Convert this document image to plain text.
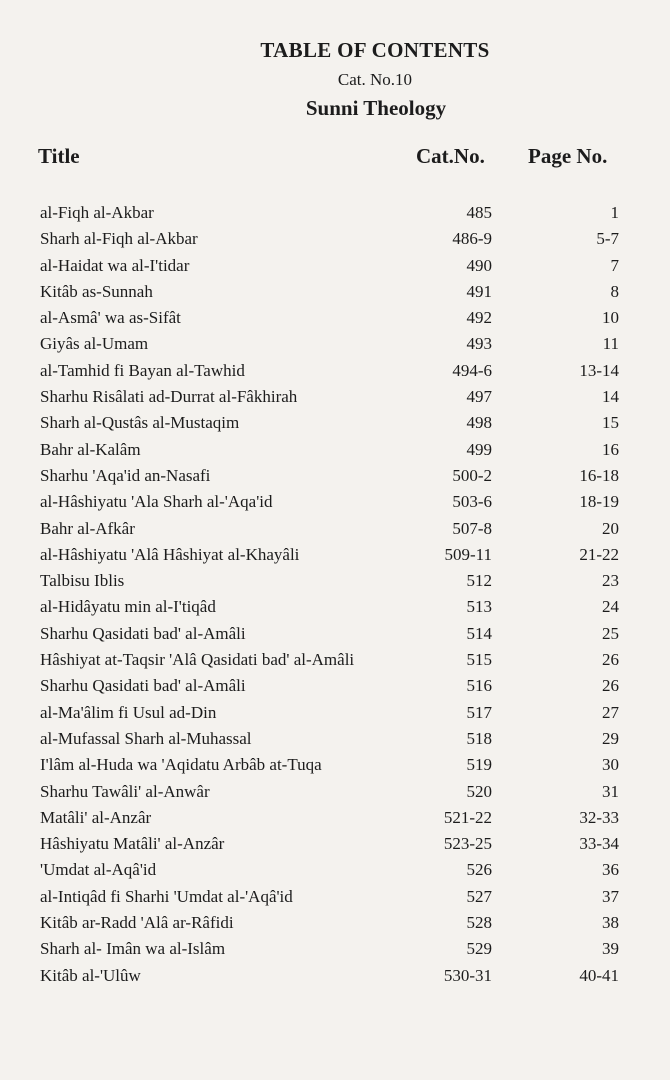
TABLE OF CONTENTS
Cat. No.10
Sunni Theology
Title	Cat.No. Page No.
al-Fiqh al-Akbar	485	1
Sharh al-Fiqh al-Akbar	486-9	5-7
al-Haidat wa al-I'tidar	490	7
Kitâb as-Sunnah	491	8
al-Asmâ' wa as-Sifât	492	10
Giyâs al-Umam	493	11
al-Tamhid fi Bayan al-Tawhid	494-6	13-14
Sharhu Risâlati ad-Durrat al-Fâkhirah	497	14
Sharh al-Qustâs al-Mustaqim	498	15
Bahr al-Kalâm	499	16
Sharhu 'Aqa'id an-Nasafi	500-2	16-18
al-Hâshiyatu 'Ala Sharh al-'Aqa'id	503-6	18-19
Bahr al-Afkâr	507-8	20
al-Hâshiyatu 'Alâ Hâshiyat al-Khayâli	509-11	21-22
Talbisu Iblis	512	23
al-Hidâyatu min al-I'tiqâd	513	24
Sharhu Qasidati bad' al-Amâli	514	25
Hâshiyat at-Taqsir 'Alâ Qasidati bad' al-Amâli	515	26
Sharhu Qasidati bad' al-Amâli	516	26
al-Ma'âlim fi Usul ad-Din	517	27
al-Mufassal Sharh al-Muhassal	518	29
I'lâm al-Huda wa 'Aqidatu Arbâb at-Tuqa	519	30
Sharhu Tawâli' al-Anwâr	520	31
Matâli' al-Anzâr	521-22	32-33
Hâshiyatu Matâli' al-Anzâr	523-25	33-34
'Umdat al-Aqâ'id	526	36
al-Intiqâd fi Sharhi 'Umdat al-'Aqâ'id	527	37
Kitâb ar-Radd 'Alâ ar-Râfidi	528	38
Sharh al- Imân wa al-Islâm	529	39
Kitâb al-'Ulûw	530-31	40-41
